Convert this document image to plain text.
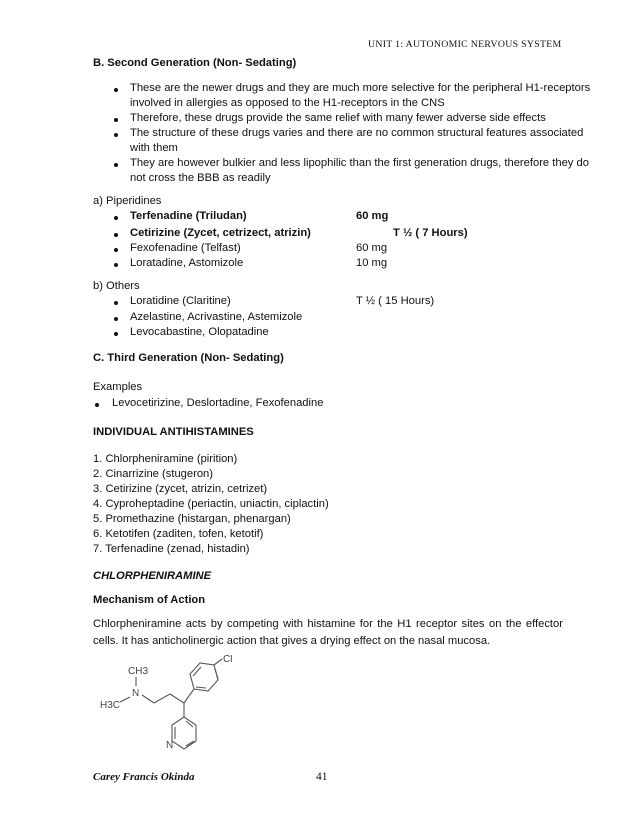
UNIT 1: AUTONOMIC NERVOUS SYSTEM
B. Second Generation (Non- Sedating)
These are the newer drugs and they are much more selective for the peripheral H1-receptors
involved in allergies as opposed to the H1-receptors in the CNS
Therefore, these drugs provide the same relief with many fewer adverse side effects
The structure of these drugs varies and there are no common structural features associated
with them
They are however bulkier and less lipophilic than the first generation drugs, therefore they do
not cross the BBB as readily
a) Piperidines
Terfenadine (Triludan)	60 mg
Cetirizine (Zycet, cetrizect, atrizin)	T ½ ( 7 Hours)
Fexofenadine (Telfast)	60 mg
Loratadine, Astomizole	10 mg
b) Others
Loratidine (Claritine)	T ½ ( 15 Hours)
Azelastine, Acrivastine, Astemizole
Levocabastine, Olopatadine
C. Third Generation (Non- Sedating)
Examples
Levocetirizine, Deslortadine, Fexofenadine
INDIVIDUAL ANTIHISTAMINES
1. Chlorpheniramine (pirition)
2. Cinarrizine (stugeron)
3. Cetirizine (zycet, atrizin, cetrizet)
4. Cyproheptadine (periactin, uniactin, ciplactin)
5. Promethazine (histargan, phenargan)
6. Ketotifen (zaditen, tofen, ketotif)
7. Terfenadine (zenad, histadin)
CHLORPHENIRAMINE
Mechanism of Action
Chlorpheniramine acts by competing with histamine for the H1 receptor sites on the effector cells. It has anticholinergic action that gives a drying effect on the nasal mucosa.
CH3
N
H3C
Cl
N
Carey Francis Okinda	41
